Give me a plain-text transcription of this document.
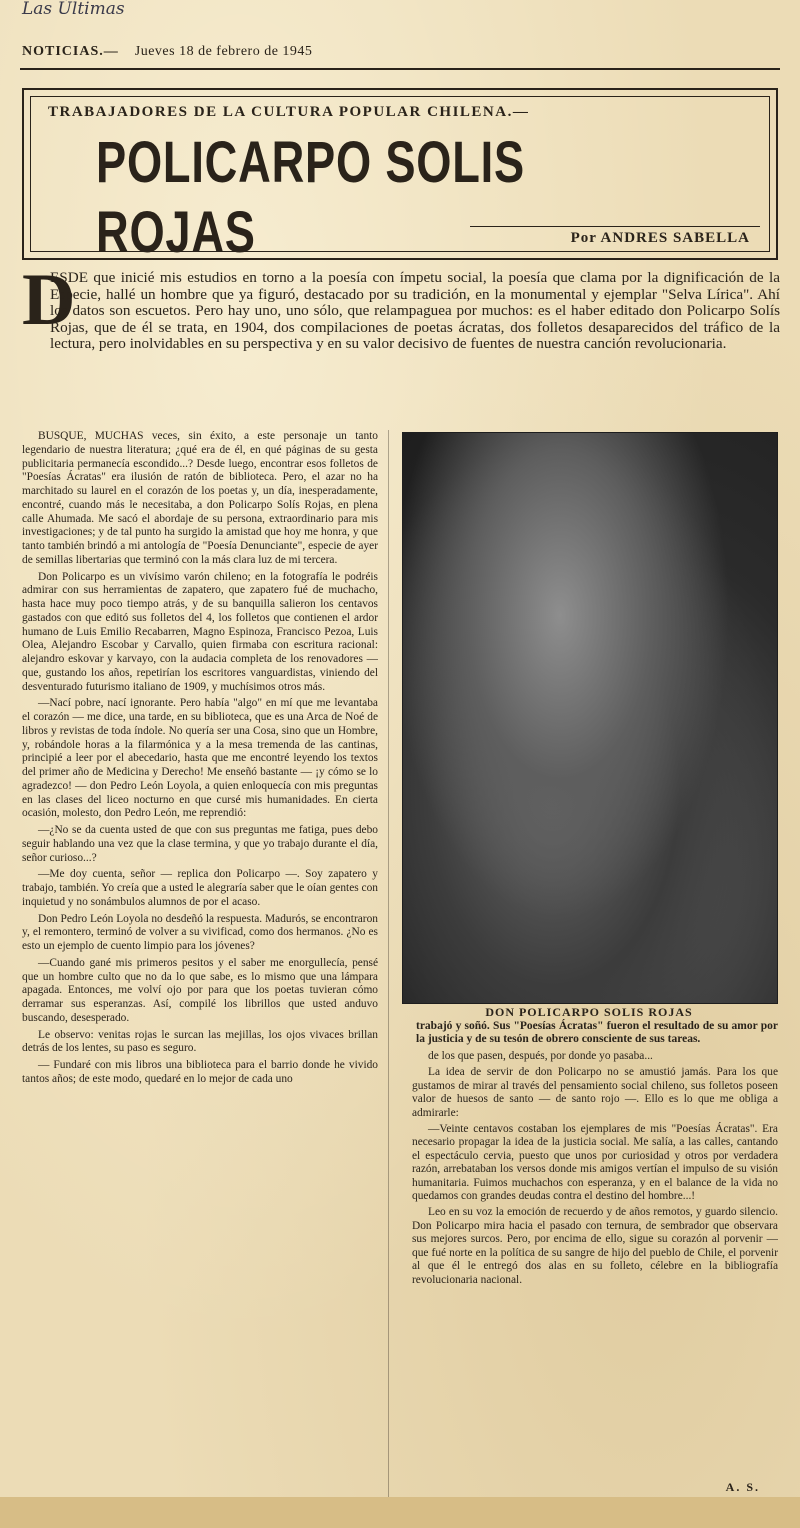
Las Últimas
NOTICIAS.— Jueves 18 de febrero de 1945
TRABAJADORES DE LA CULTURA POPULAR CHILENA.—
POLICARPO SOLIS ROJAS	Por ANDRES SABELLA
D
ESDE que inicié mis estudios en torno a la poesía con ímpetu social, la poesía que clama por la dignificación de la Especie, hallé un hombre que ya figuró, destacado por su tradición, en la monumental y ejemplar "Selva Lírica". Ahí los datos son escuetos. Pero hay uno, uno sólo, que relampaguea por muchos: es el haber editado don Policarpo Solís Rojas, que de él se trata, en 1904, dos compilaciones de poetas ácratas, dos folletos desaparecidos del tráfico de la lectura, pero inolvidables en su perspectiva y en su valor decisivo de fuentes de nuestra canción revolucionaria.

BUSQUE, MUCHAS veces, sin éxito, a este personaje un tanto legendario de nuestra literatura; ¿qué era de él, en qué páginas de su gesta publicitaria permanecía escondido...? Desde luego, encontrar esos folletos de "Poesías Ácratas" era ilusión de ratón de biblioteca. Pero, el azar no ha marchitado su laurel en el corazón de los poetas y, un día, inesperadamente, encontré, cuando más le necesitaba, a don Policarpo Solís Rojas, en plena calle Ahumada. Me sacó el abordaje de su persona, extraordinario para mis investigaciones; y de tal punto ha surgido la amistad que hoy me honra, y que tanto también brindó a mi antología de "Poesía Denunciante", especie de ayer de semillas libertarias que terminó con la más clara luz de mi tercera.

Don Policarpo es un vivísimo varón chileno; en la fotografía le podréis admirar con sus herramientas de zapatero, que zapatero fué de muchacho, hasta hace muy poco tiempo atrás, y de su banquilla salieron los centavos gastados con que editó sus folletos del 4, los folletos que contienen el ardor humano de Luis Emilio Recabarren, Magno Espinoza, Francisco Pezoa, Luis Olea, Alejandro Escobar y Carvallo, quien firmaba con escritura racional: alejandro eskovar y karvayo, con la audacia completa de los renovadores — que, gustando los años, repetirían los escritores vanguardistas, viniendo del desventurado futurismo italiano de 1909, y muchísimos otros más.

—Nací pobre, nací ignorante. Pero había "algo" en mí que me levantaba el corazón — me dice, una tarde, en su biblioteca, que es una Arca de Noé de libros y revistas de toda índole. No quería ser una Cosa, sino que un Hombre, y, robándole horas a la filarmónica y a la mesa tremenda de las cantinas, principié a leer por el abecedario, hasta que me encontré leyendo los textos del primer año de Medicina y Derecho! Me enseñó bastante — ¡y cómo se lo agradezco! — don Pedro León Loyola, a quien enloquecía con mis preguntas en las clases del liceo nocturno en que cursé mis humanidades. En cierta ocasión, molesto, don Pedro León, me reprendió:

—¿No se da cuenta usted de que con sus preguntas me fatiga, pues debo seguir hablando una vez que la clase termina, y que yo trabajo durante el día, señor curioso...?

—Me doy cuenta, señor — replica don Policarpo —. Soy zapatero y trabajo, también. Yo creía que a usted le alegraría saber que le oían gentes con inquietud y no sonámbulos alumnos de por el acaso.

Don Pedro León Loyola no desdeñó la respuesta. Madurós, se encontraron y, el remontero, terminó de volver a su vivificad, como dos hermanos. ¿No es esto un ejemplo de cuento limpio para los jóvenes?

—Cuando gané mis primeros pesitos y el saber me enorgullecía, pensé que un hombre culto que no da lo que sabe, es lo mismo que una lámpara apagada. Entonces, me volví ojo por para que los poetas tuvieran cómo derramar sus esperanzas. Así, compilé los librillos que usted anduvo buscando, desesperado.

Le observo: venitas rojas le surcan las mejillas, los ojos vivaces brillan detrás de los lentes, su paso es seguro.

— Fundaré con mis libros una biblioteca para el barrio donde he vivido tantos años; de este modo, quedaré en lo mejor de cada uno

DON POLICARPO SOLIS ROJAS
trabajó y soñó. Sus "Poesías Ácratas" fueron el resultado de su amor por la justicia y de su tesón de obrero consciente de sus tareas.

de los que pasen, después, por donde yo pasaba...

La idea de servir de don Policarpo no se amustió jamás. Para los que gustamos de mirar al través del pensamiento social chileno, sus folletos poseen valor de huesos de santo — de santo rojo —. Ello es lo que me obliga a admirarle:

—Veinte centavos costaban los ejemplares de mis "Poesías Ácratas". Era necesario propagar la idea de la justicia social. Me salía, a las calles, cantando el espectáculo cervia, puesto que unos por curiosidad y otros por verdadera razón, arrebataban los versos donde mis amigos vertían el impulso de su visión humanitaria. Fuimos muchachos con esperanza, y en el balance de la vida no quedamos con grandes deudas contra el destino del hombre...!

Leo en su voz la emoción de recuerdo y de años remotos, y guardo silencio. Don Policarpo mira hacia el pasado con ternura, de sembrador que observara sus mejores surcos. Pero, por encima de ello, sigue su corazón al porvenir — que fué norte en la política de su sangre de hijo del pueblo de Chile, el porvenir al que él le entregó dos alas en su folleto, célebre en la bibliografía revolucionaria nacional.

A. S.
